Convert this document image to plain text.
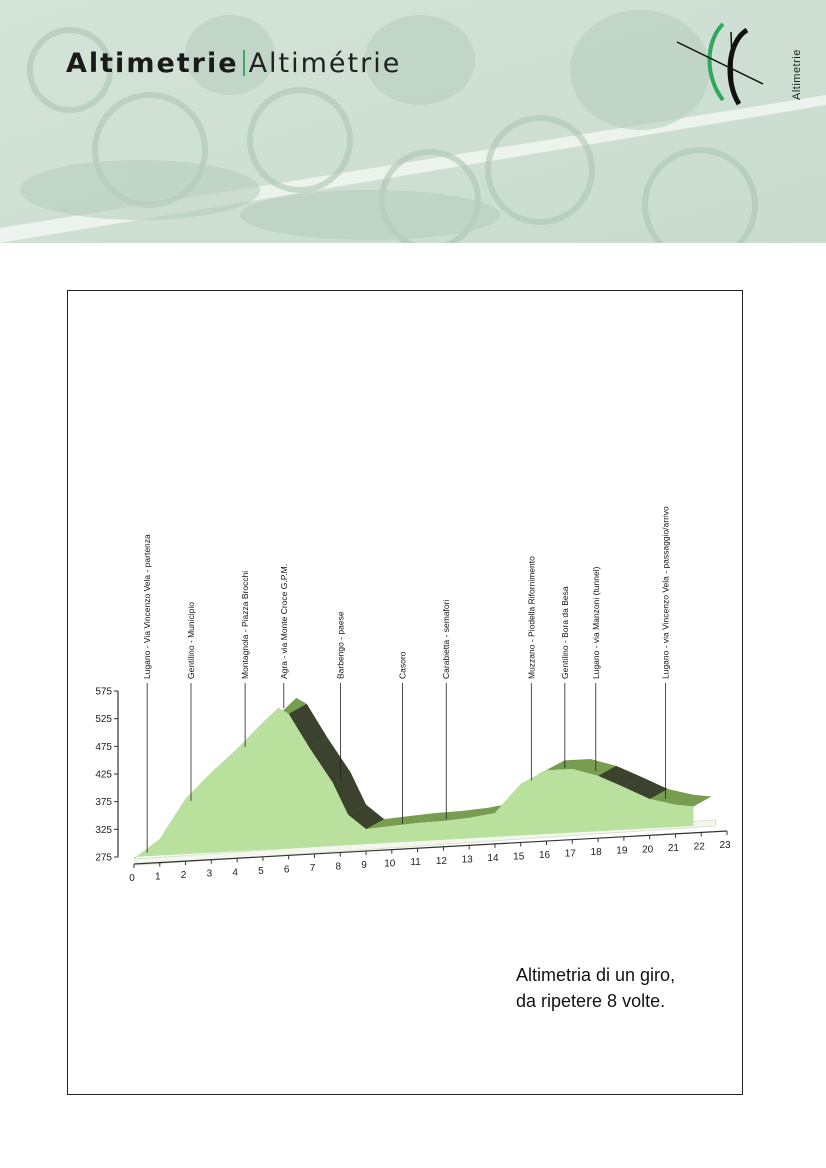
Altimetrie Altimétrie	Altimetrie
575
525
475
425
375
325
275
0 1 2 3 4 5 6 7 8 9 10 11 12 13 14 15 16 17 18 19 20 21 22 23
Lugano - Via Vincenzo Vela - partenza	Gentilino - Municipio	Montagnola - Piazza Brocchi	Agra - via Monte Croce G.P.M.	Barbengo - paese	Casoro	Carabietta - semafori	Muzzano - Piodella Rifornimento	Gentilino - Bora da Besa Lugano - via Manzoni (tunnel)	Lugano - via Vincenzo Vela - passaggio/arrivo
Altimetria di un giro,
da ripetere 8 volte.
